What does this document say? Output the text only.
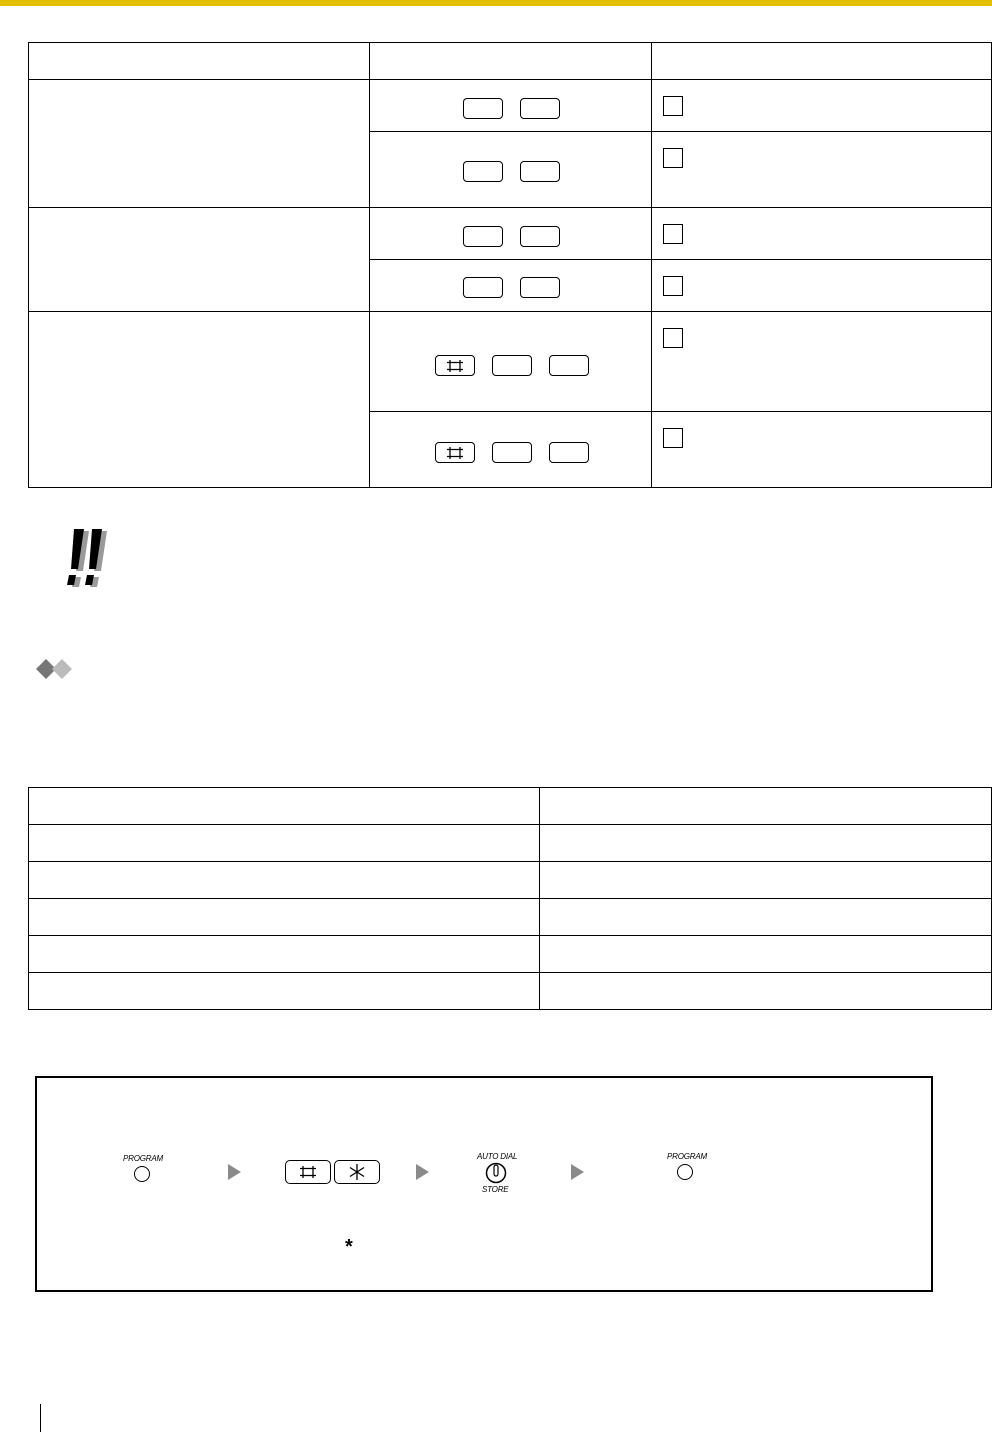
PROGRAM	AUTO DIAL
STORE
PROGRAM
*
